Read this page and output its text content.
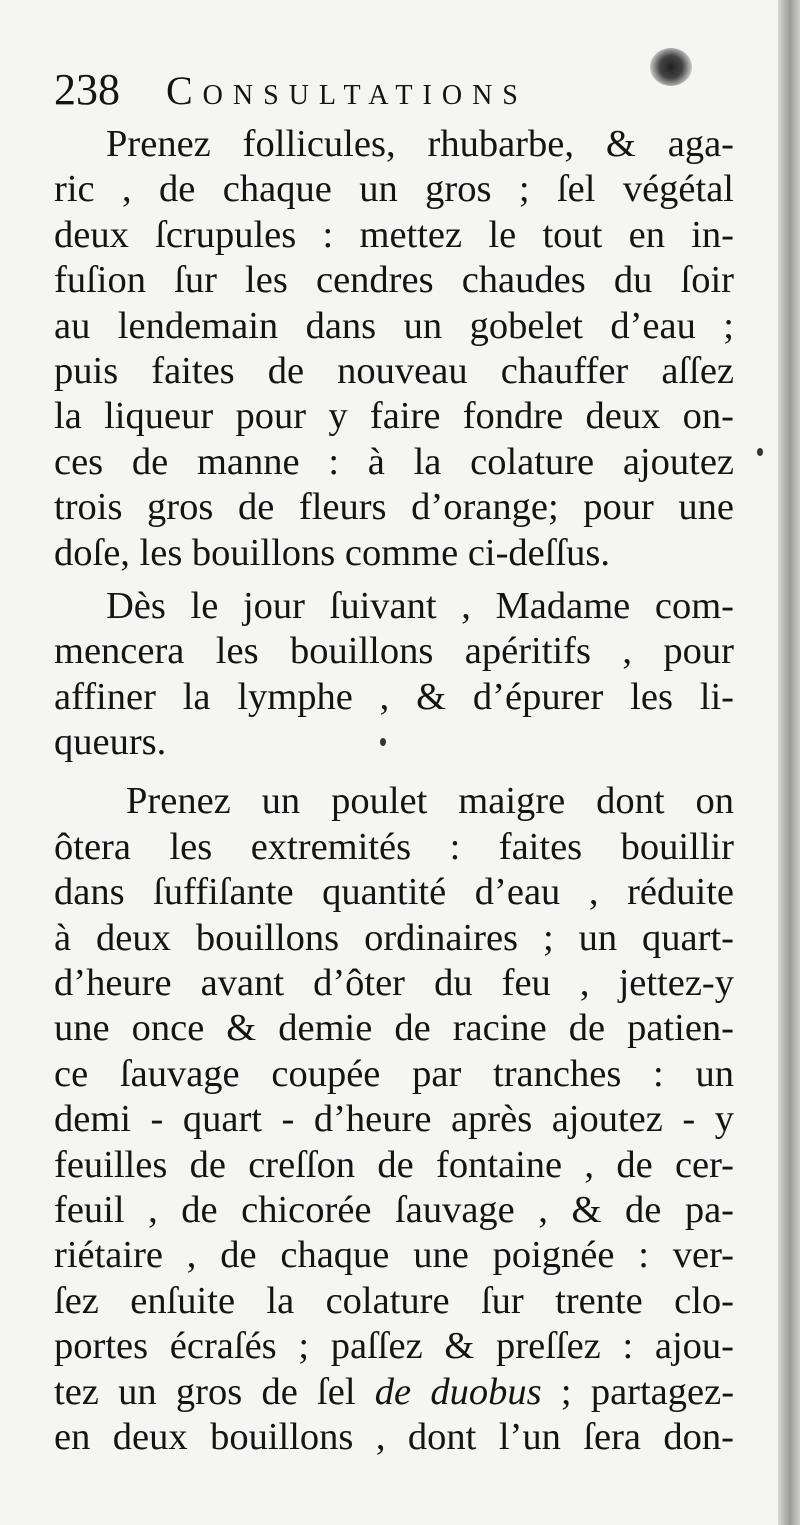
238 Consultations
Prenez follicules, rhubarbe, & aga-
ric , de chaque un gros ; ſel végétal
deux ſcrupules : mettez le tout en in-
fuſion ſur les cendres chaudes du ſoir
au lendemain dans un gobelet d’eau ;
puis faites de nouveau chauffer aſſez
la liqueur pour y faire fondre deux on-
ces de manne : à la colature ajoutez
trois gros de fleurs d’orange; pour une
doſe, les bouillons comme ci-deſſus.
Dès le jour ſuivant , Madame com-
mencera les bouillons apéritifs , pour
affiner la lymphe , & d’épurer les li-
queurs.
Prenez un poulet maigre dont on
ôtera les extremités : faites bouillir
dans ſuffiſante quantité d’eau , réduite
à deux bouillons ordinaires ; un quart-
d’heure avant d’ôter du feu , jettez-y
une once & demie de racine de patien-
ce ſauvage coupée par tranches : un
demi - quart - d’heure après ajoutez - y
feuilles de creſſon de fontaine , de cer-
feuil , de chicorée ſauvage , & de pa-
riétaire , de chaque une poignée : ver-
ſez enſuite la colature ſur trente clo-
portes écraſés ; paſſez & preſſez : ajou-
tez un gros de ſel de duobus ; partagez-
en deux bouillons , dont l’un ſera don-
